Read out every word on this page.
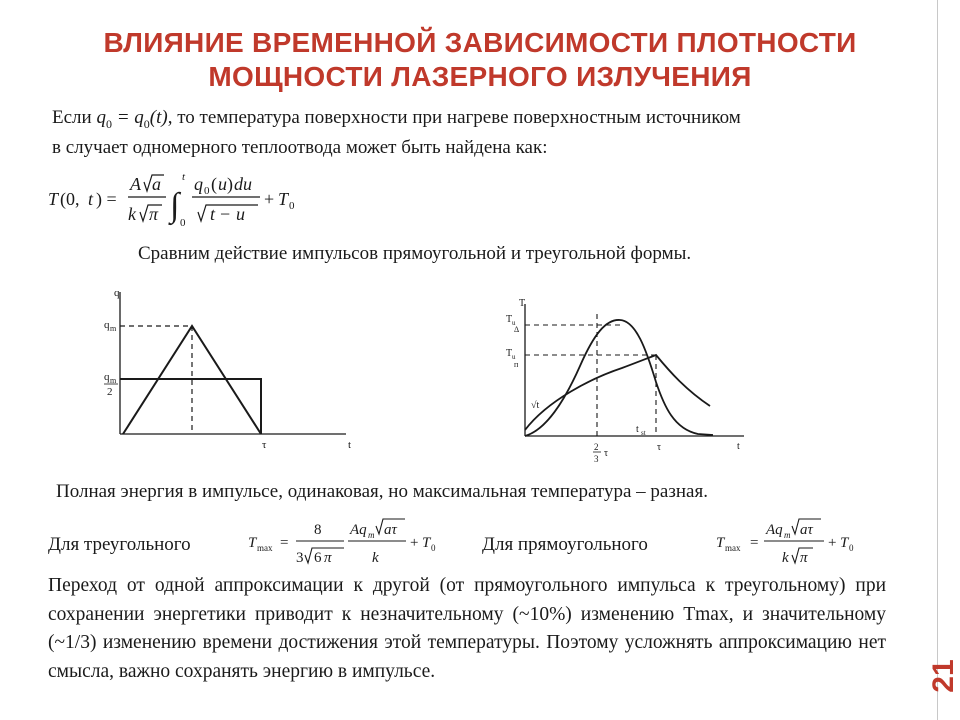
ВЛИЯНИЕ ВРЕМЕННОЙ ЗАВИСИМОСТИ ПЛОТНОСТИ
МОЩНОСТИ ЛАЗЕРНОГО ИЗЛУЧЕНИЯ
Если $q_0 = q_0(t)$, то температура поверхности при нагреве поверхностным источником
в случает одномерного теплоотвода может быть найдена как:
T (0, t ) =
A a
k π ∫
t
0
q 0 ( u ) du
t − u
+ T 0
Сравним действие импульсов прямоугольной и треугольной формы.
q
q m
q m
2
τ	t
T
T u
Δ
T u
п
√t
t st
2
3 τ
τ	t
Полная энергия в импульсе, одинаковая, но максимальная температура – разная.
Для треугольного	T max =
8
3 6 π
Aq m aτ
k
+ T 0 Для прямоугольного	T max =
Aq m aτ
k π
+ T 0
Переход от одной аппроксимации к другой (от прямоугольного импульса к треугольному) при сохранении энергетики приводит к незначительному (~10%) изменению Tmax, и значительному (~1/3) изменению времени достижения этой температуры. Поэтому усложнять аппроксимацию нет смысла, важно сохранять энергию в импульсе.	21
